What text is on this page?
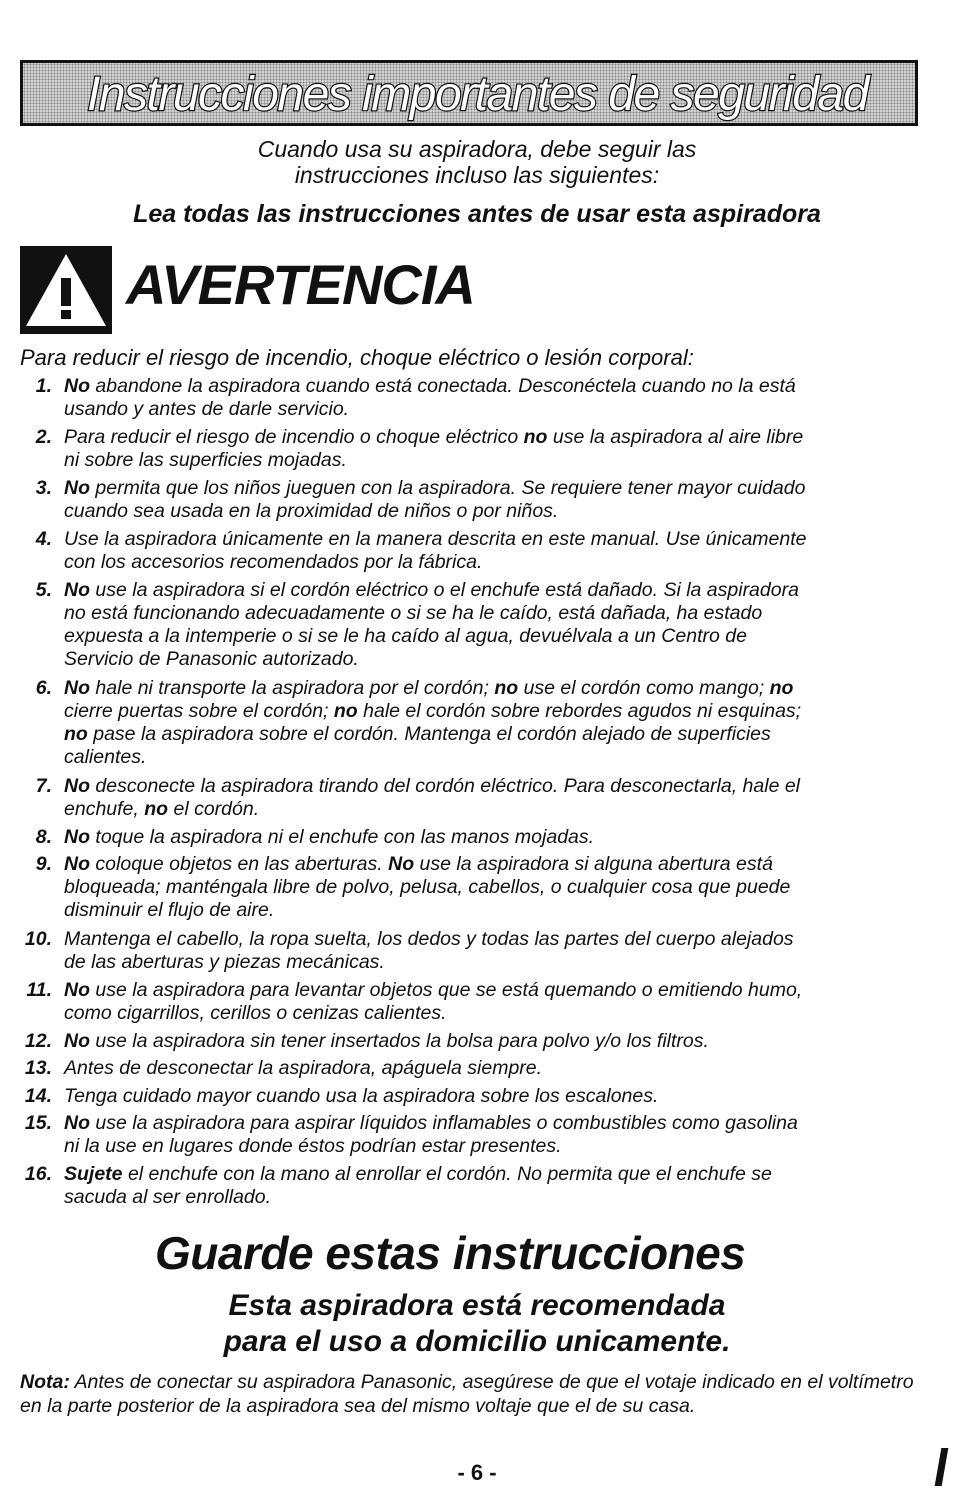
Instrucciones importantes de seguridad
Cuando usa su aspiradora, debe seguir las
instrucciones incluso las siguientes:
Lea todas las instrucciones antes de usar esta aspiradora
AVERTENCIA
Para reducir el riesgo de incendio, choque eléctrico o lesión corporal:
1. No abandone la aspiradora cuando está conectada. Desconéctela cuando no la está
usando y antes de darle servicio.
2. Para reducir el riesgo de incendio o choque eléctrico no use la aspiradora al aire libre
ni sobre las superficies mojadas.
3. No permita que los niños jueguen con la aspiradora. Se requiere tener mayor cuidado
cuando sea usada en la proximidad de niños o por niños.
4. Use la aspiradora únicamente en la manera descrita en este manual. Use únicamente
con los accesorios recomendados por la fábrica.
5. No use la aspiradora si el cordón eléctrico o el enchufe está dañado. Si la aspiradora
no está funcionando adecuadamente o si se ha le caído, está dañada, ha estado
expuesta a la intemperie o si se le ha caído al agua, devuélvala a un Centro de
Servicio de Panasonic autorizado.
6. No hale ni transporte la aspiradora por el cordón; no use el cordón como mango; no
cierre puertas sobre el cordón; no hale el cordón sobre rebordes agudos ni esquinas;
no pase la aspiradora sobre el cordón. Mantenga el cordón alejado de superficies
calientes.
7. No desconecte la aspiradora tirando del cordón eléctrico. Para desconectarla, hale el
enchufe, no el cordón.
8. No toque la aspiradora ni el enchufe con las manos mojadas.
9. No coloque objetos en las aberturas. No use la aspiradora si alguna abertura está
bloqueada; manténgala libre de polvo, pelusa, cabellos, o cualquier cosa que puede
disminuir el flujo de aire.
10. Mantenga el cabello, la ropa suelta, los dedos y todas las partes del cuerpo alejados
de las aberturas y piezas mecánicas.
11. No use la aspiradora para levantar objetos que se está quemando o emitiendo humo,
como cigarrillos, cerillos o cenizas calientes.
12. No use la aspiradora sin tener insertados la bolsa para polvo y/o los filtros.
13. Antes de desconectar la aspiradora, apáguela siempre.
14. Tenga cuidado mayor cuando usa la aspiradora sobre los escalones.
15. No use la aspiradora para aspirar líquidos inflamables o combustibles como gasolina
ni la use en lugares donde éstos podrían estar presentes.
16. Sujete el enchufe con la mano al enrollar el cordón. No permita que el enchufe se
sacuda al ser enrollado.
Guarde estas instrucciones
Esta aspiradora está recomendada
para el uso a domicilio unicamente.
Nota: Antes de conectar su aspiradora Panasonic, asegúrese de que el votaje indicado en el voltímetro en la parte posterior de la aspiradora sea del mismo voltaje que el de su casa.
- 6 -
